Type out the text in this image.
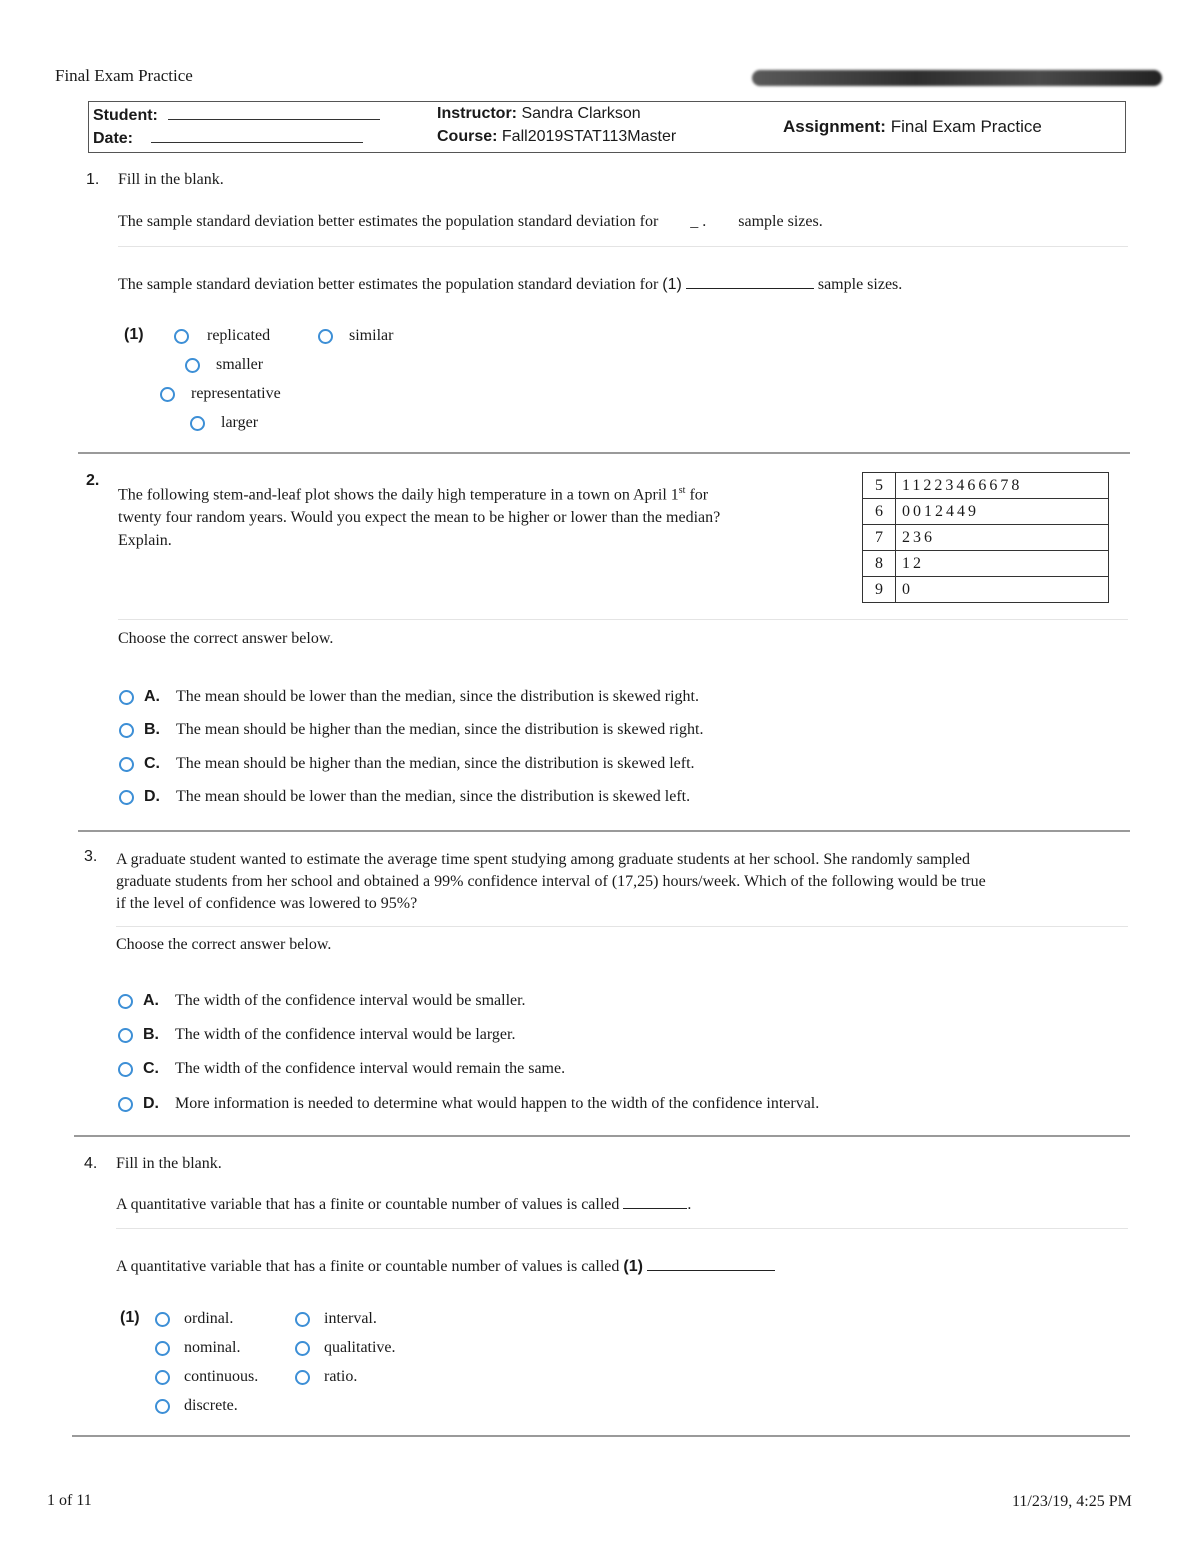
Final Exam Practice
Student:
Date:
Instructor: Sandra Clarkson
Course: Fall2019STAT113Master
Assignment: Final Exam Practice
1. Fill in the blank.
The sample standard deviation better estimates the population standard deviation for _ . sample sizes.
The sample standard deviation better estimates the population standard deviation for (1)	sample sizes.
(1)	replicated	similar
smaller
representative
larger
2.
The following stem-and-leaf plot shows the daily high temperature in a town on April 1st for
twenty four random years. Would you expect the mean to be higher or lower than the median?
Explain.
5	11223466678
6	0012449
7	236
8	12
9	0
Choose the correct answer below.
A.	The mean should be lower than the median, since the distribution is skewed right.
B.	The mean should be higher than the median, since the distribution is skewed right.
C.	The mean should be higher than the median, since the distribution is skewed left.
D.	The mean should be lower than the median, since the distribution is skewed left.
3. A graduate student wanted to estimate the average time spent studying among graduate students at her school. She randomly sampled
graduate students from her school and obtained a 99% confidence interval of (17,25) hours/week. Which of the following would be true
if the level of confidence was lowered to 95%?
Choose the correct answer below.
A.	The width of the confidence interval would be smaller.
B.	The width of the confidence interval would be larger.
C.	The width of the confidence interval would remain the same.
D.	More information is needed to determine what would happen to the width of the confidence interval.
4. Fill in the blank.
A quantitative variable that has a finite or countable number of values is called	.
A quantitative variable that has a finite or countable number of values is called (1)
(1)	ordinal.	interval.
nominal.	qualitative.
continuous.	ratio.
discrete.
1 of 11	11/23/19, 4:25 PM
